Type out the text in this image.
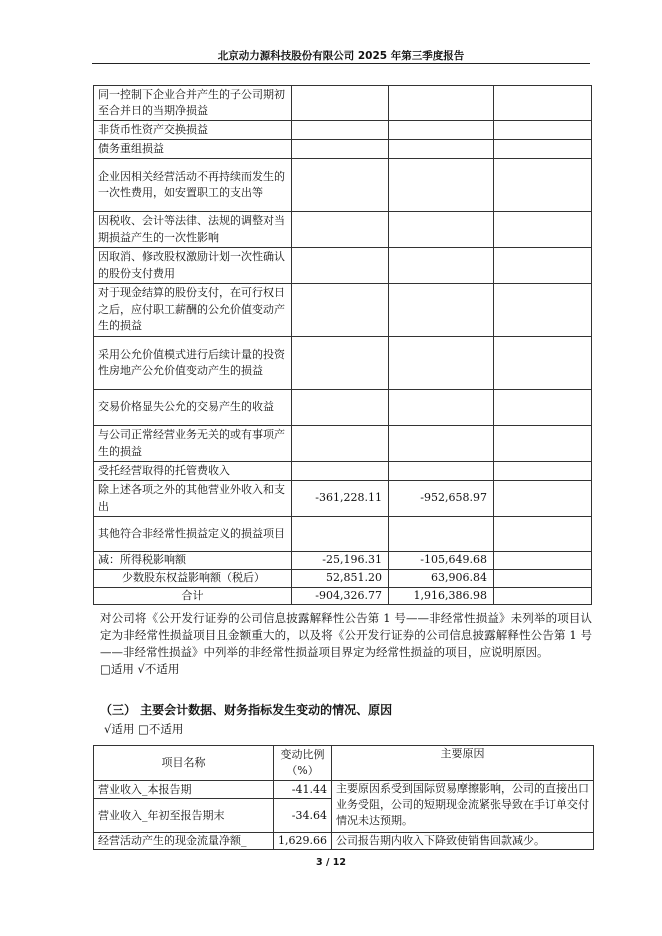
北京动力源科技股份有限公司 2025 年第三季度报告
同一控制下企业合并产生的子公司期初至合并日的当期净损益			
非货币性资产交换损益			
债务重组损益			
企业因相关经营活动不再持续而发生的一次性费用，如安置职工的支出等			
因税收、会计等法律、法规的调整对当期损益产生的一次性影响			
因取消、修改股权激励计划一次性确认的股份支付费用			
对于现金结算的股份支付，在可行权日之后，应付职工薪酬的公允价值变动产生的损益			
采用公允价值模式进行后续计量的投资性房地产公允价值变动产生的损益			
交易价格显失公允的交易产生的收益			
与公司正常经营业务无关的或有事项产生的损益			
受托经营取得的托管费收入			
除上述各项之外的其他营业外收入和支出	-361,228.11	-952,658.97	
其他符合非经常性损益定义的损益项目			
减：所得税影响额	-25,196.31	-105,649.68	
少数股东权益影响额（税后）	52,851.20	63,906.84	
合计	-904,326.77	1,916,386.98	
对公司将《公开发行证券的公司信息披露解释性公告第 1 号——非经常性损益》未列举的项目认定为非经常性损益项目且金额重大的，以及将《公开发行证券的公司信息披露解释性公告第 1 号——非经常性损益》中列举的非经常性损益项目界定为经常性损益的项目，应说明原因。
□适用 √不适用
（三） 主要会计数据、财务指标发生变动的情况、原因
√适用 □不适用
项目名称	变动比例（%）	主要原因
营业收入_本报告期	-41.44	主要原因系受到国际贸易摩擦影响，公司的直接出口业务受阻，公司的短期现金流紧张导致在手订单交付情况未达预期。
营业收入_年初至报告期末	-34.64	
经营活动产生的现金流量净额_	1,629.66	公司报告期内收入下降致使销售回款减少。
3 / 12
